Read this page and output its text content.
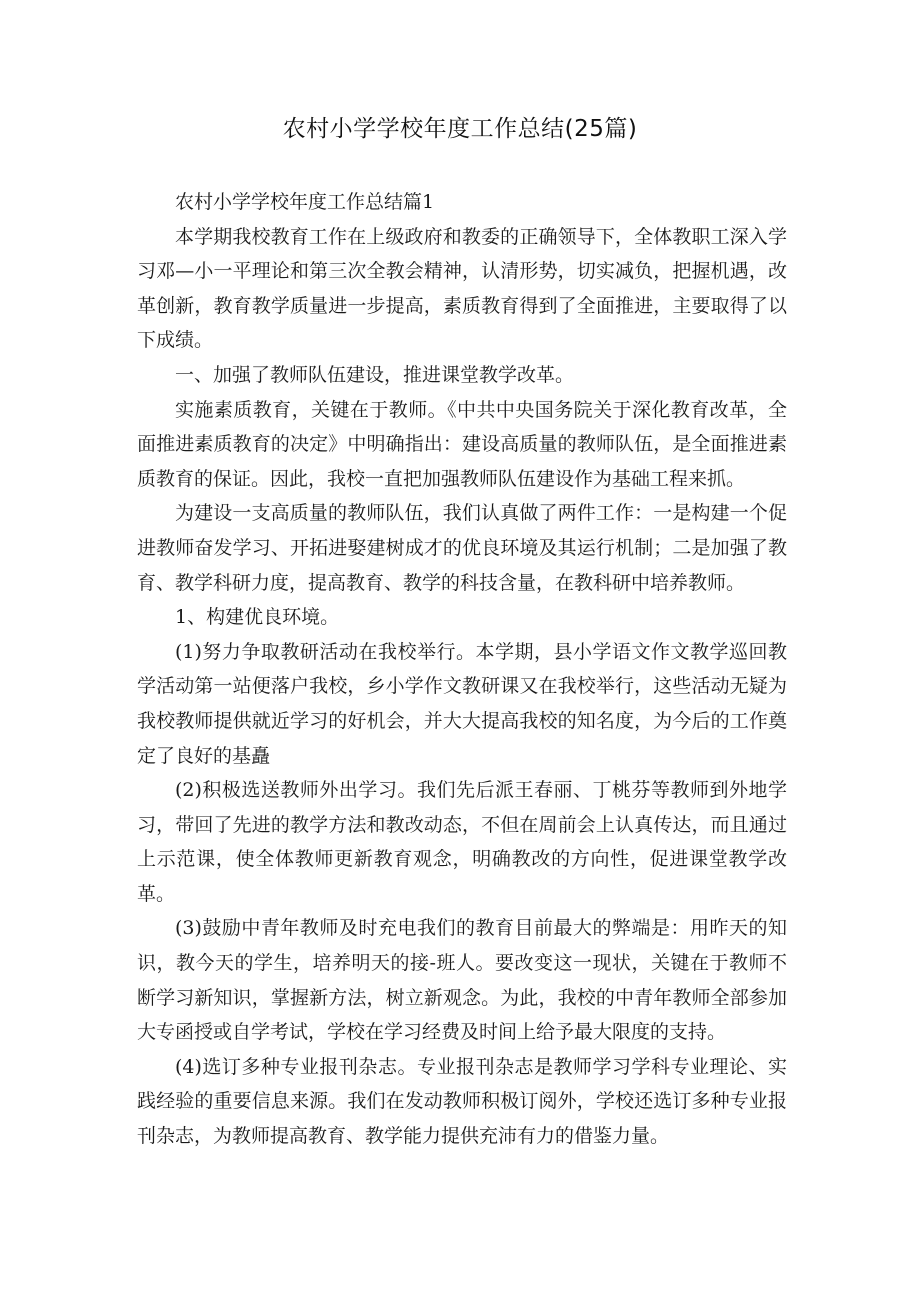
农村小学学校年度工作总结(25篇)

农村小学学校年度工作总结篇1

本学期我校教育工作在上级政府和教委的正确领导下，全体教职工深入学习邓—小一平理论和第三次全教会精神，认清形势，切实减负，把握机遇，改革创新，教育教学质量进一步提高，素质教育得到了全面推进，主要取得了以下成绩。

一、加强了教师队伍建设，推进课堂教学改革。

实施素质教育，关键在于教师。《中共中央国务院关于深化教育改革，全面推进素质教育的决定》中明确指出：建设高质量的教师队伍，是全面推进素质教育的保证。因此，我校一直把加强教师队伍建设作为基础工程来抓。

为建设一支高质量的教师队伍，我们认真做了两件工作：一是构建一个促进教师奋发学习、开拓进娶建树成才的优良环境及其运行机制；二是加强了教育、教学科研力度，提高教育、教学的科技含量，在教科研中培养教师。

1、构建优良环境。

(1)努力争取教研活动在我校举行。本学期，县小学语文作文教学巡回教学活动第一站便落户我校，乡小学作文教研课又在我校举行，这些活动无疑为我校教师提供就近学习的好机会，并大大提高我校的知名度，为今后的工作奠定了良好的基矗

(2)积极选送教师外出学习。我们先后派王春丽、丁桃芬等教师到外地学习，带回了先进的教学方法和教改动态，不但在周前会上认真传达，而且通过上示范课，使全体教师更新教育观念，明确教改的方向性，促进课堂教学改革。

(3)鼓励中青年教师及时充电我们的教育目前最大的弊端是：用昨天的知识，教今天的学生，培养明天的接-班人。要改变这一现状，关键在于教师不断学习新知识，掌握新方法，树立新观念。为此，我校的中青年教师全部参加大专函授或自学考试，学校在学习经费及时间上给予最大限度的支持。

(4)选订多种专业报刊杂志。专业报刊杂志是教师学习学科专业理论、实践经验的重要信息来源。我们在发动教师积极订阅外，学校还选订多种专业报刊杂志，为教师提高教育、教学能力提供充沛有力的借鉴力量。
